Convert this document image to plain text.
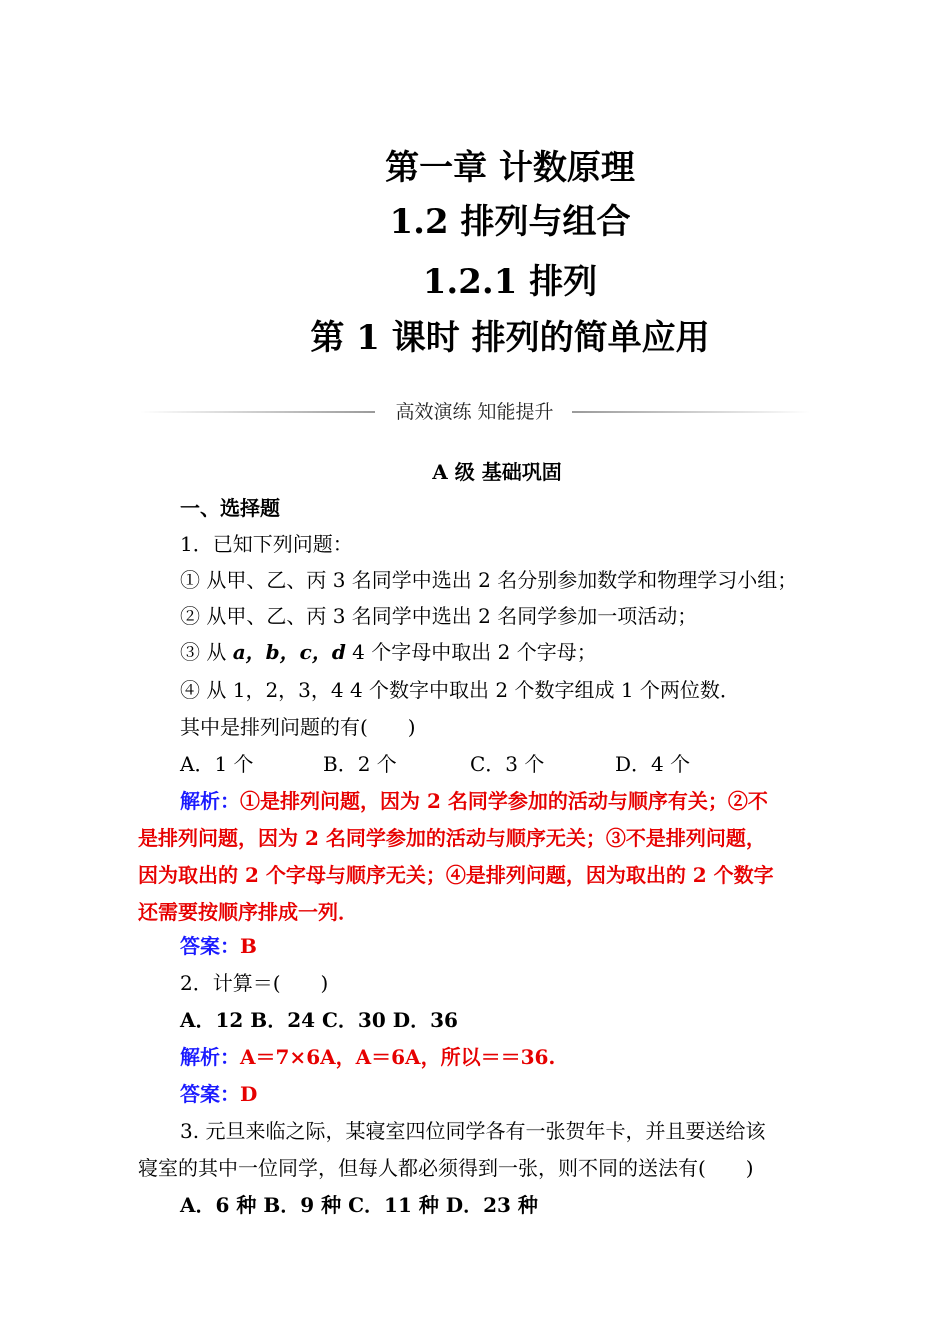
第一章 计数原理
1.2 排列与组合
1.2.1 排列
第 1 课时 排列的简单应用
高效演练 知能提升
A 级 基础巩固
一、选择题
1．已知下列问题：
① 从甲、乙、丙 3 名同学中选出 2 名分别参加数学和物理学习小组；
② 从甲、乙、丙 3 名同学中选出 2 名同学参加一项活动；
③ 从 a，b，c，d 4 个字母中取出 2 个字母；
④ 从 1，2，3，4 4 个数字中取出 2 个数字组成 1 个两位数．
其中是排列问题的有(　　)
A．1 个	B．2 个	C．3 个	D．4 个
解析：①是排列问题，因为 2 名同学参加的活动与顺序有关；②不
是排列问题，因为 2 名同学参加的活动与顺序无关；③不是排列问题，
因为取出的 2 个字母与顺序无关；④是排列问题，因为取出的 2 个数字
还需要按顺序排成一列．
答案：B
2．计算＝(　　)
A．12 B．24 C．30 D．36
解析：A＝7×6A，A＝6A，所以＝＝36.
答案：D
3. 元旦来临之际，某寝室四位同学各有一张贺年卡，并且要送给该
寝室的其中一位同学，但每人都必须得到一张，则不同的送法有(　　)
A．6 种 B．9 种 C．11 种 D．23 种
